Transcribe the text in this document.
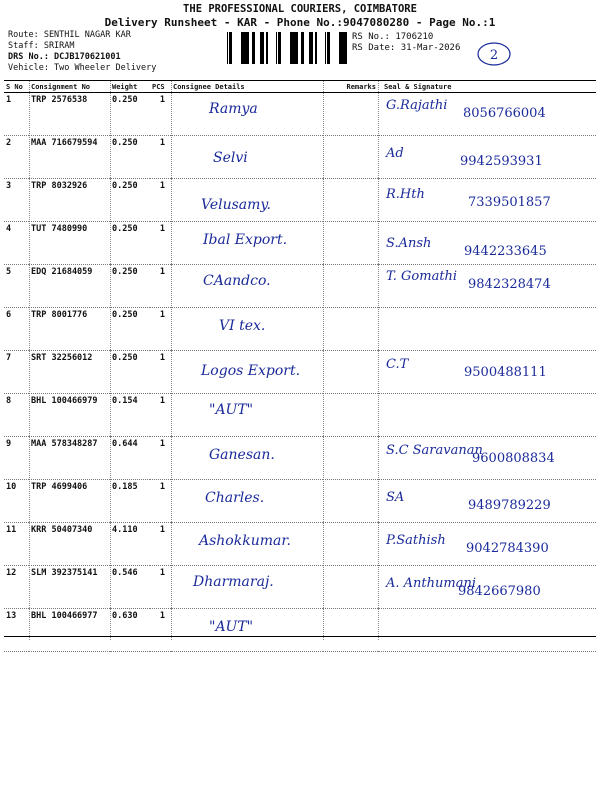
THE PROFESSIONAL COURIERS, COIMBATORE
Delivery Runsheet - KAR - Phone No.:9047080280 - Page No.:1
Route: SENTHIL NAGAR KAR
Staff: SRIRAM
DRS No.: DCJB170621001
Vehicle: Two Wheeler Delivery
RS No.: 1706210
RS Date: 31-Mar-2026 2
S No	Consignment No	Weight	PCS	Consignee Details	Remarks	Seal & Signature
1	TRP 2576538	0.250	1	Ramya		G.Rajathi
8056766004

2	MAA 716679594	0.250	1	Selvi		Ad
9942593931

3	TRP 8032926	0.250	1	Velusamy.		R.Hth
7339501857

4	TUT 7480990	0.250	1	Ibal Export.		S.Ansh
9442233645

5	EDQ 21684059	0.250	1	CAandco.		T. Gomathi
9842328474

6	TRP 8001776	0.250	1	VI tex.		

7	SRT 32256012	0.250	1	Logos Export.		C.T
9500488111

8	BHL 100466979	0.154	1	"AUT"		

9	MAA 578348287	0.644	1	Ganesan.		S.C Saravanan
9600808834

10	TRP 4699406	0.185	1	Charles.		SA
9489789229

11	KRR 50407340	4.110	1	Ashokkumar.		P.Sathish
9042784390

12	SLM 392375141	0.546	1	Dharmaraj.		A. Anthumani
9842667980

13	BHL 100466977	0.630	1	"AUT"		
